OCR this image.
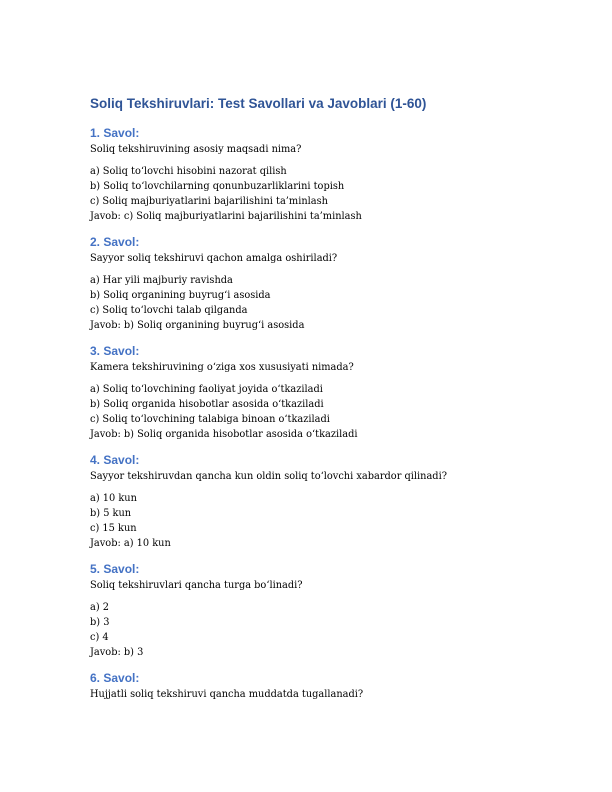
Soliq Tekshiruvlari: Test Savollari va Javoblari (1-60)
1. Savol:
Soliq tekshiruvining asosiy maqsadi nima?
a) Soliq to‘lovchi hisobini nazorat qilish
b) Soliq to‘lovchilarning qonunbuzarliklarini topish
c) Soliq majburiyatlarini bajarilishini ta’minlash
Javob: c) Soliq majburiyatlarini bajarilishini ta’minlash
2. Savol:
Sayyor soliq tekshiruvi qachon amalga oshiriladi?
a) Har yili majburiy ravishda
b) Soliq organining buyrug‘i asosida
c) Soliq to‘lovchi talab qilganda
Javob: b) Soliq organining buyrug‘i asosida
3. Savol:
Kamera tekshiruvining o‘ziga xos xususiyati nimada?
a) Soliq to‘lovchining faoliyat joyida o‘tkaziladi
b) Soliq organida hisobotlar asosida o‘tkaziladi
c) Soliq to‘lovchining talabiga binoan o‘tkaziladi
Javob: b) Soliq organida hisobotlar asosida o‘tkaziladi
4. Savol:
Sayyor tekshiruvdan qancha kun oldin soliq to‘lovchi xabardor qilinadi?
a) 10 kun
b) 5 kun
c) 15 kun
Javob: a) 10 kun
5. Savol:
Soliq tekshiruvlari qancha turga bo‘linadi?
a) 2
b) 3
c) 4
Javob: b) 3
6. Savol:
Hujjatli soliq tekshiruvi qancha muddatda tugallanadi?
